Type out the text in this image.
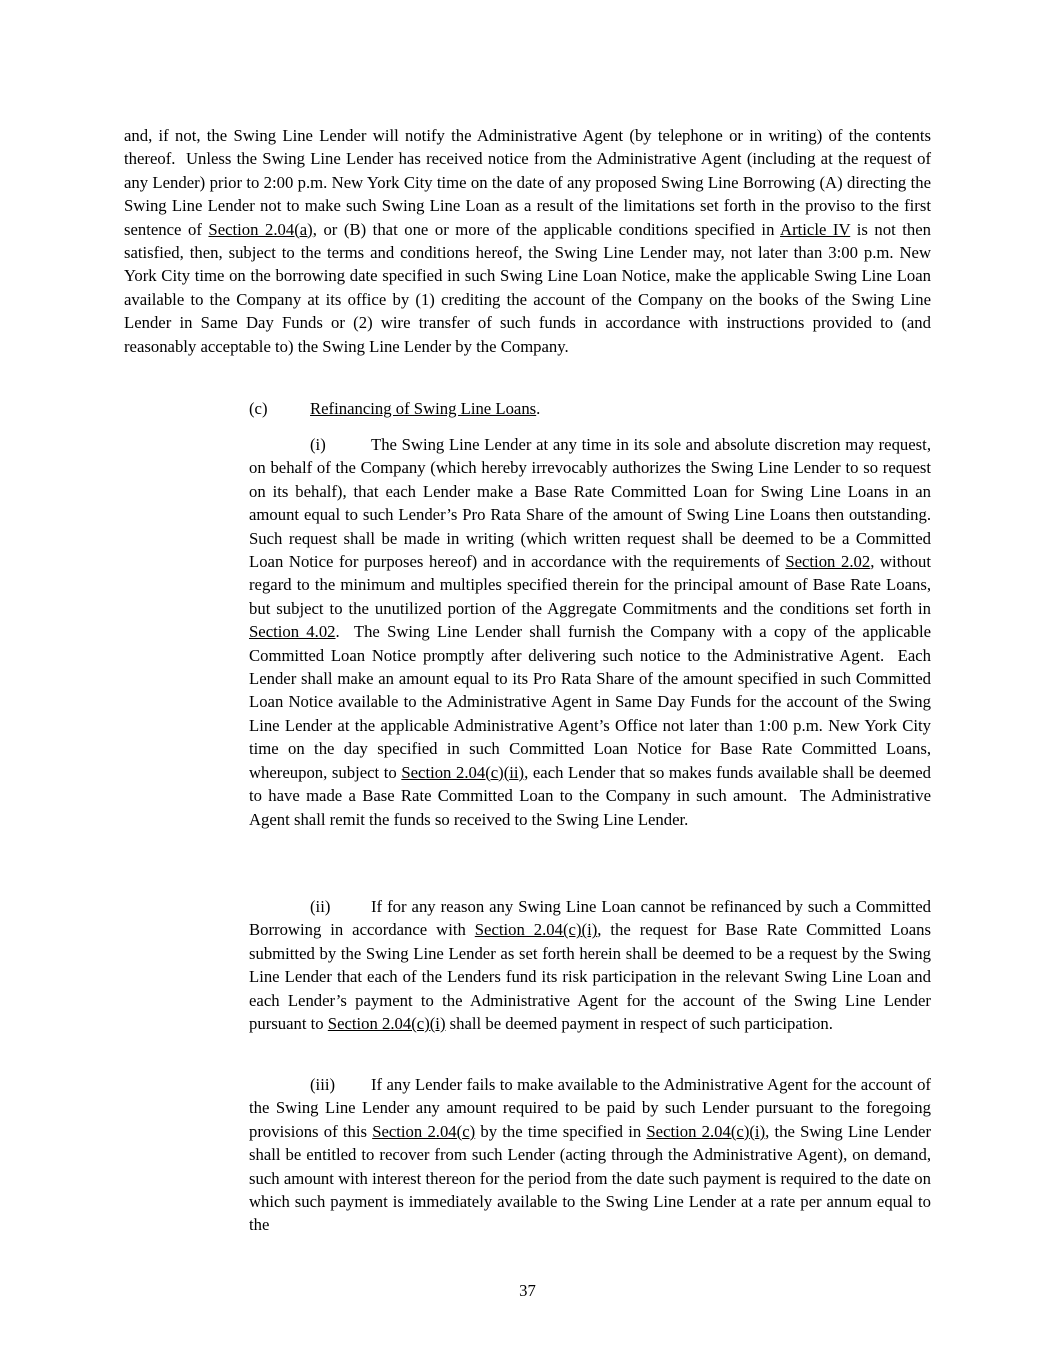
and, if not, the Swing Line Lender will notify the Administrative Agent (by telephone or in writing) of the contents thereof.  Unless the Swing Line Lender has received notice from the Administrative Agent (including at the request of any Lender) prior to 2:00 p.m. New York City time on the date of any proposed Swing Line Borrowing (A) directing the Swing Line Lender not to make such Swing Line Loan as a result of the limitations set forth in the proviso to the first sentence of Section 2.04(a), or (B) that one or more of the applicable conditions specified in Article IV is not then satisfied, then, subject to the terms and conditions hereof, the Swing Line Lender may, not later than 3:00 p.m. New York City time on the borrowing date specified in such Swing Line Loan Notice, make the applicable Swing Line Loan available to the Company at its office by (1) crediting the account of the Company on the books of the Swing Line Lender in Same Day Funds or (2) wire transfer of such funds in accordance with instructions provided to (and reasonably acceptable to) the Swing Line Lender by the Company.

(c)	Refinancing of Swing Line Loans.

(i)	The Swing Line Lender at any time in its sole and absolute discretion may request, on behalf of the Company (which hereby irrevocably authorizes the Swing Line Lender to so request on its behalf), that each Lender make a Base Rate Committed Loan for Swing Line Loans in an amount equal to such Lender’s Pro Rata Share of the amount of Swing Line Loans then outstanding. Such request shall be made in writing (which written request shall be deemed to be a Committed Loan Notice for purposes hereof) and in accordance with the requirements of Section 2.02, without regard to the minimum and multiples specified therein for the principal amount of Base Rate Loans, but subject to the unutilized portion of the Aggregate Commitments and the conditions set forth in Section 4.02.  The Swing Line Lender shall furnish the Company with a copy of the applicable Committed Loan Notice promptly after delivering such notice to the Administrative Agent.  Each Lender shall make an amount equal to its Pro Rata Share of the amount specified in such Committed Loan Notice available to the Administrative Agent in Same Day Funds for the account of the Swing Line Lender at the applicable Administrative Agent’s Office not later than 1:00 p.m. New York City time on the day specified in such Committed Loan Notice for Base Rate Committed Loans, whereupon, subject to Section 2.04(c)(ii), each Lender that so makes funds available shall be deemed to have made a Base Rate Committed Loan to the Company in such amount.  The Administrative Agent shall remit the funds so received to the Swing Line Lender.

(ii) If for any reason any Swing Line Loan cannot be refinanced by such a Committed Borrowing in accordance with Section 2.04(c)(i), the request for Base Rate Committed Loans submitted by the Swing Line Lender as set forth herein shall be deemed to be a request by the Swing Line Lender that each of the Lenders fund its risk participation in the relevant Swing Line Loan and each Lender’s payment to the Administrative Agent for the account of the Swing Line Lender pursuant to Section 2.04(c)(i) shall be deemed payment in respect of such participation.

(iii) If any Lender fails to make available to the Administrative Agent for the account of the Swing Line Lender any amount required to be paid by such Lender pursuant to the foregoing provisions of this Section 2.04(c) by the time specified in Section 2.04(c)(i), the Swing Line Lender shall be entitled to recover from such Lender (acting through the Administrative Agent), on demand, such amount with interest thereon for the period from the date such payment is required to the date on which such payment is immediately available to the Swing Line Lender at a rate per annum equal to the

37
